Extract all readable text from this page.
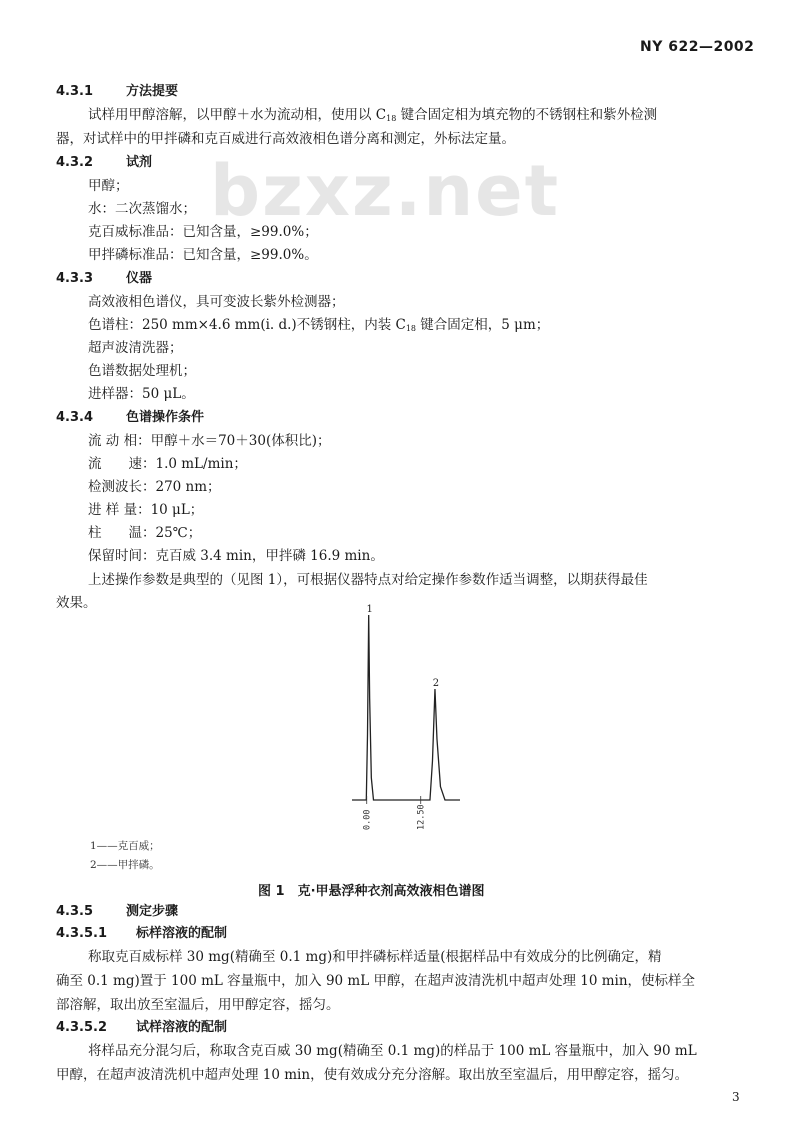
NY 622—2002
bzxz.net
4.3.1	方法提要
试样用甲醇溶解，以甲醇＋水为流动相，使用以 $C_{18}$ 键合固定相为填充物的不锈钢柱和紫外检测
器，对试样中的甲拌磷和克百威进行高效液相色谱分离和测定，外标法定量。
4.3.2	试剂
甲醇；
水：二次蒸馏水；
克百威标准品：已知含量，≥99.0%；
甲拌磷标准品：已知含量，≥99.0%。
4.3.3	仪器
高效液相色谱仪，具可变波长紫外检测器；
色谱柱：250 mm×4.6 mm(i. d.)不锈钢柱，内装 $C_{18}$ 键合固定相，5 μm；
超声波清洗器；
色谱数据处理机；
进样器：50 μL。
4.3.4	色谱操作条件
流 动 相：甲醇＋水＝70＋30(体积比)；
流　　速：1.0 mL/min；
检测波长：270 nm；
进 样 量：10 μL；
柱　　温：25℃；
保留时间：克百威 3.4 min，甲拌磷 16.9 min。
上述操作参数是典型的（见图 1），可根据仪器特点对给定操作参数作适当调整，以期获得最佳
效果。	1
2
0.00	12.50
1——克百威；
2——甲拌磷。
图 1　克·甲悬浮种衣剂高效液相色谱图
4.3.5	测定步骤
4.3.5.1 标样溶液的配制
称取克百威标样 30 mg(精确至 0.1 mg)和甲拌磷标样适量(根据样品中有效成分的比例确定，精
确至 0.1 mg)置于 100 mL 容量瓶中，加入 90 mL 甲醇，在超声波清洗机中超声处理 10 min，使标样全
部溶解，取出放至室温后，用甲醇定容，摇匀。
4.3.5.2 试样溶液的配制
将样品充分混匀后，称取含克百威 30 mg(精确至 0.1 mg)的样品于 100 mL 容量瓶中，加入 90 mL
甲醇，在超声波清洗机中超声处理 10 min，使有效成分充分溶解。取出放至室温后，用甲醇定容，摇匀。
3
